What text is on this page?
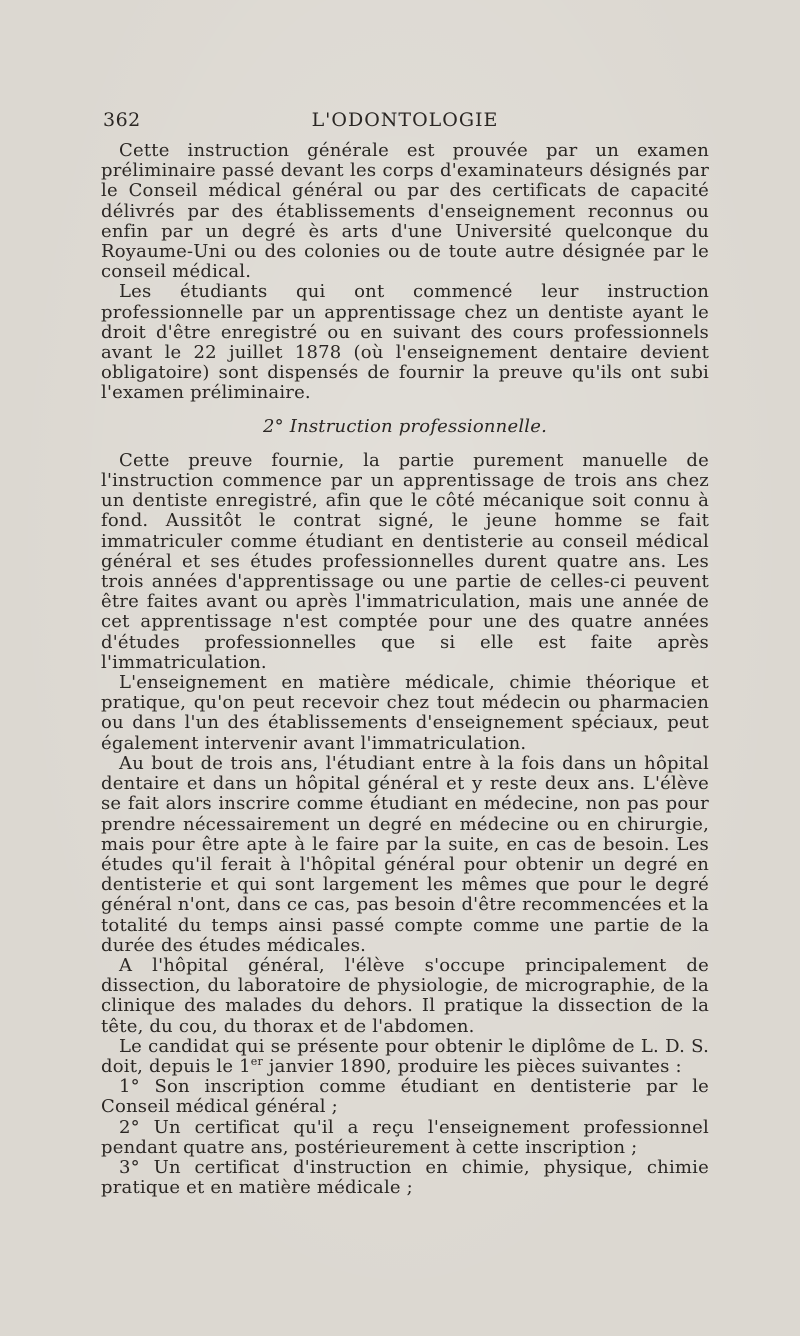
362	L'ODONTOLOGIE

Cette instruction générale est prouvée par un examen préliminaire passé devant les corps d'examinateurs désignés par le Conseil médical général ou par des certificats de capacité délivrés par des établissements d'enseignement reconnus ou enfin par un degré ès arts d'une Université quelconque du Royaume-Uni ou des colonies ou de toute autre désignée par le conseil médical.

Les étudiants qui ont commencé leur instruction professionnelle par un apprentissage chez un dentiste ayant le droit d'être enregistré ou en suivant des cours professionnels avant le 22 juillet 1878 (où l'enseignement dentaire devient obligatoire) sont dispensés de fournir la preuve qu'ils ont subi l'examen préliminaire.

2° Instruction professionnelle.

Cette preuve fournie, la partie purement manuelle de l'instruction commence par un apprentissage de trois ans chez un dentiste enregistré, afin que le côté mécanique soit connu à fond. Aussitôt le contrat signé, le jeune homme se fait immatriculer comme étudiant en dentisterie au conseil médical général et ses études professionnelles durent quatre ans. Les trois années d'apprentissage ou une partie de celles-ci peuvent être faites avant ou après l'immatriculation, mais une année de cet apprentissage n'est comptée pour une des quatre années d'études professionnelles que si elle est faite après l'immatriculation.

L'enseignement en matière médicale, chimie théorique et pratique, qu'on peut recevoir chez tout médecin ou pharmacien ou dans l'un des établissements d'enseignement spéciaux, peut également intervenir avant l'immatriculation.

Au bout de trois ans, l'étudiant entre à la fois dans un hôpital dentaire et dans un hôpital général et y reste deux ans. L'élève se fait alors inscrire comme étudiant en médecine, non pas pour prendre nécessairement un degré en médecine ou en chirurgie, mais pour être apte à le faire par la suite, en cas de besoin. Les études qu'il ferait à l'hôpital général pour obtenir un degré en dentisterie et qui sont largement les mêmes que pour le degré général n'ont, dans ce cas, pas besoin d'être recommencées et la totalité du temps ainsi passé compte comme une partie de la durée des études médicales.

A l'hôpital général, l'élève s'occupe principalement de dissection, du laboratoire de physiologie, de micrographie, de la clinique des malades du dehors. Il pratique la dissection de la tête, du cou, du thorax et de l'abdomen.

Le candidat qui se présente pour obtenir le diplôme de L. D. S. doit, depuis le 1er janvier 1890, produire les pièces suivantes :

1° Son inscription comme étudiant en dentisterie par le Conseil médical général ;

2° Un certificat qu'il a reçu l'enseignement professionnel pendant quatre ans, postérieurement à cette inscription ;

3° Un certificat d'instruction en chimie, physique, chimie pratique et en matière médicale ;
